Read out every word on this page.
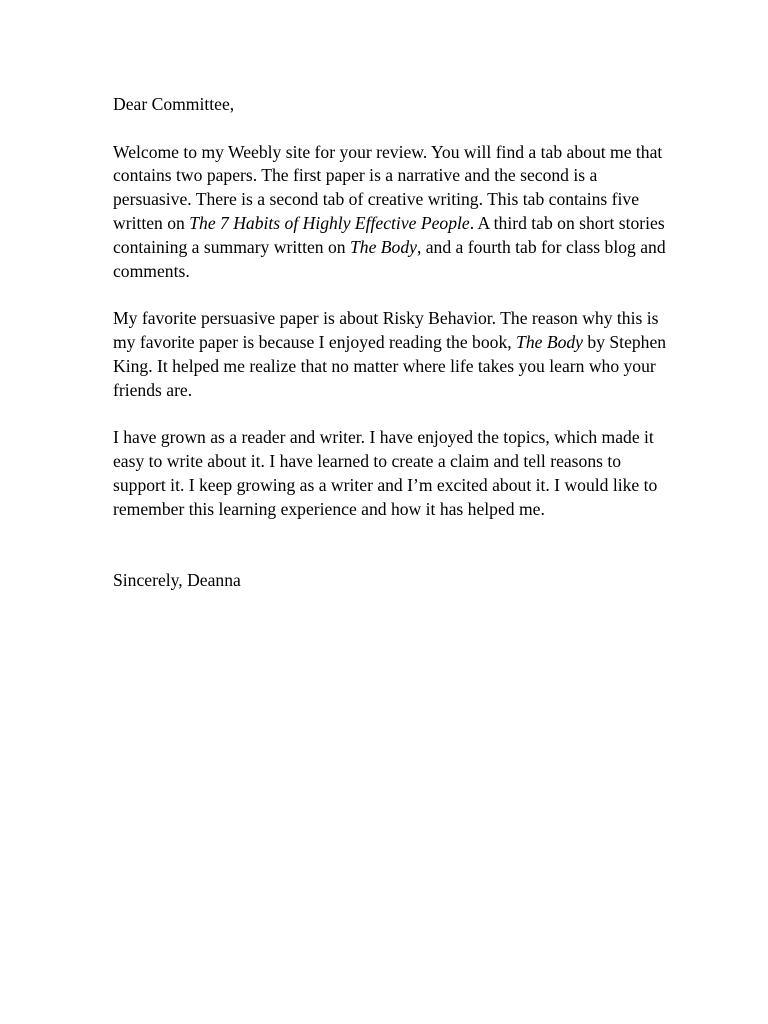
Dear Committee,

Welcome to my Weebly site for your review. You will find a tab about me that contains two papers. The first paper is a narrative and the second is a persuasive. There is a second tab of creative writing. This tab contains five written on The 7 Habits of Highly Effective People. A third tab on short stories containing a summary written on The Body, and a fourth tab for class blog and comments.

My favorite persuasive paper is about Risky Behavior. The reason why this is my favorite paper is because I enjoyed reading the book, The Body by Stephen King. It helped me realize that no matter where life takes you learn who your friends are.

I have grown as a reader and writer. I have enjoyed the topics, which made it easy to write about it. I have learned to create a claim and tell reasons to support it. I keep growing as a writer and I’m excited about it. I would like to remember this learning experience and how it has helped me.

Sincerely, Deanna
